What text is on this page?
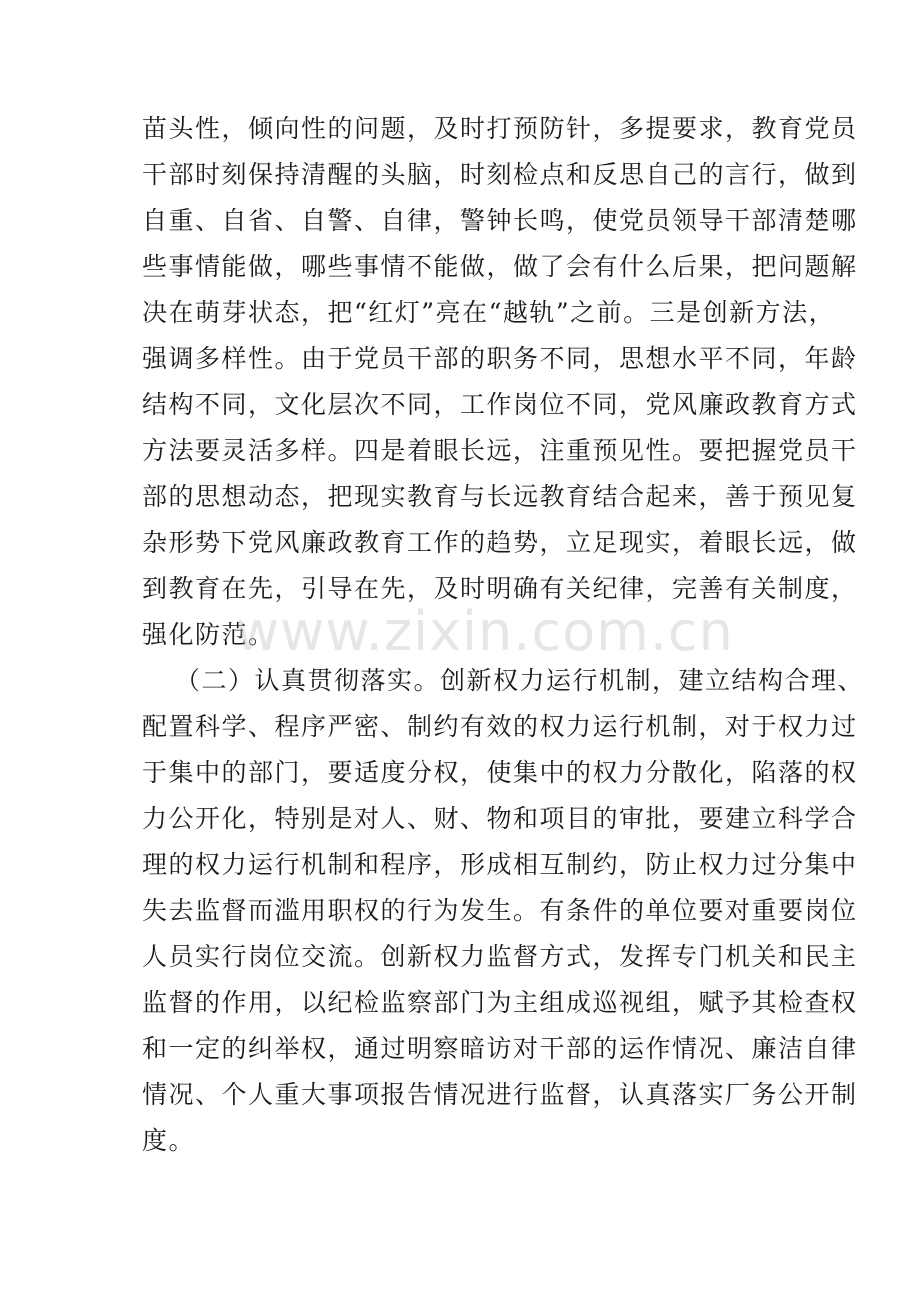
苗头性，倾向性的问题，及时打预防针，多提要求，教育党员
干部时刻保持清醒的头脑，时刻检点和反思自己的言行，做到
自重、自省、自警、自律，警钟长鸣，使党员领导干部清楚哪
些事情能做，哪些事情不能做，做了会有什么后果，把问题解
决在萌芽状态，把“红灯”亮在“越轨”之前。三是创新方法，
强调多样性。由于党员干部的职务不同，思想水平不同，年龄
结构不同，文化层次不同，工作岗位不同，党风廉政教育方式
方法要灵活多样。四是着眼长远，注重预见性。要把握党员干
部的思想动态，把现实教育与长远教育结合起来，善于预见复
杂形势下党风廉政教育工作的趋势，立足现实，着眼长远，做
到教育在先，引导在先，及时明确有关纪律，完善有关制度，
强化防范。
（二）认真贯彻落实。创新权力运行机制，建立结构合理、
配置科学、程序严密、制约有效的权力运行机制，对于权力过
于集中的部门，要适度分权，使集中的权力分散化，陷落的权
力公开化，特别是对人、财、物和项目的审批，要建立科学合
理的权力运行机制和程序，形成相互制约，防止权力过分集中
失去监督而滥用职权的行为发生。有条件的单位要对重要岗位
人员实行岗位交流。创新权力监督方式，发挥专门机关和民主
监督的作用，以纪检监察部门为主组成巡视组，赋予其检查权
和一定的纠举权，通过明察暗访对干部的运作情况、廉洁自律
情况、个人重大事项报告情况进行监督，认真落实厂务公开制
度。
www.zixin.com.cn
